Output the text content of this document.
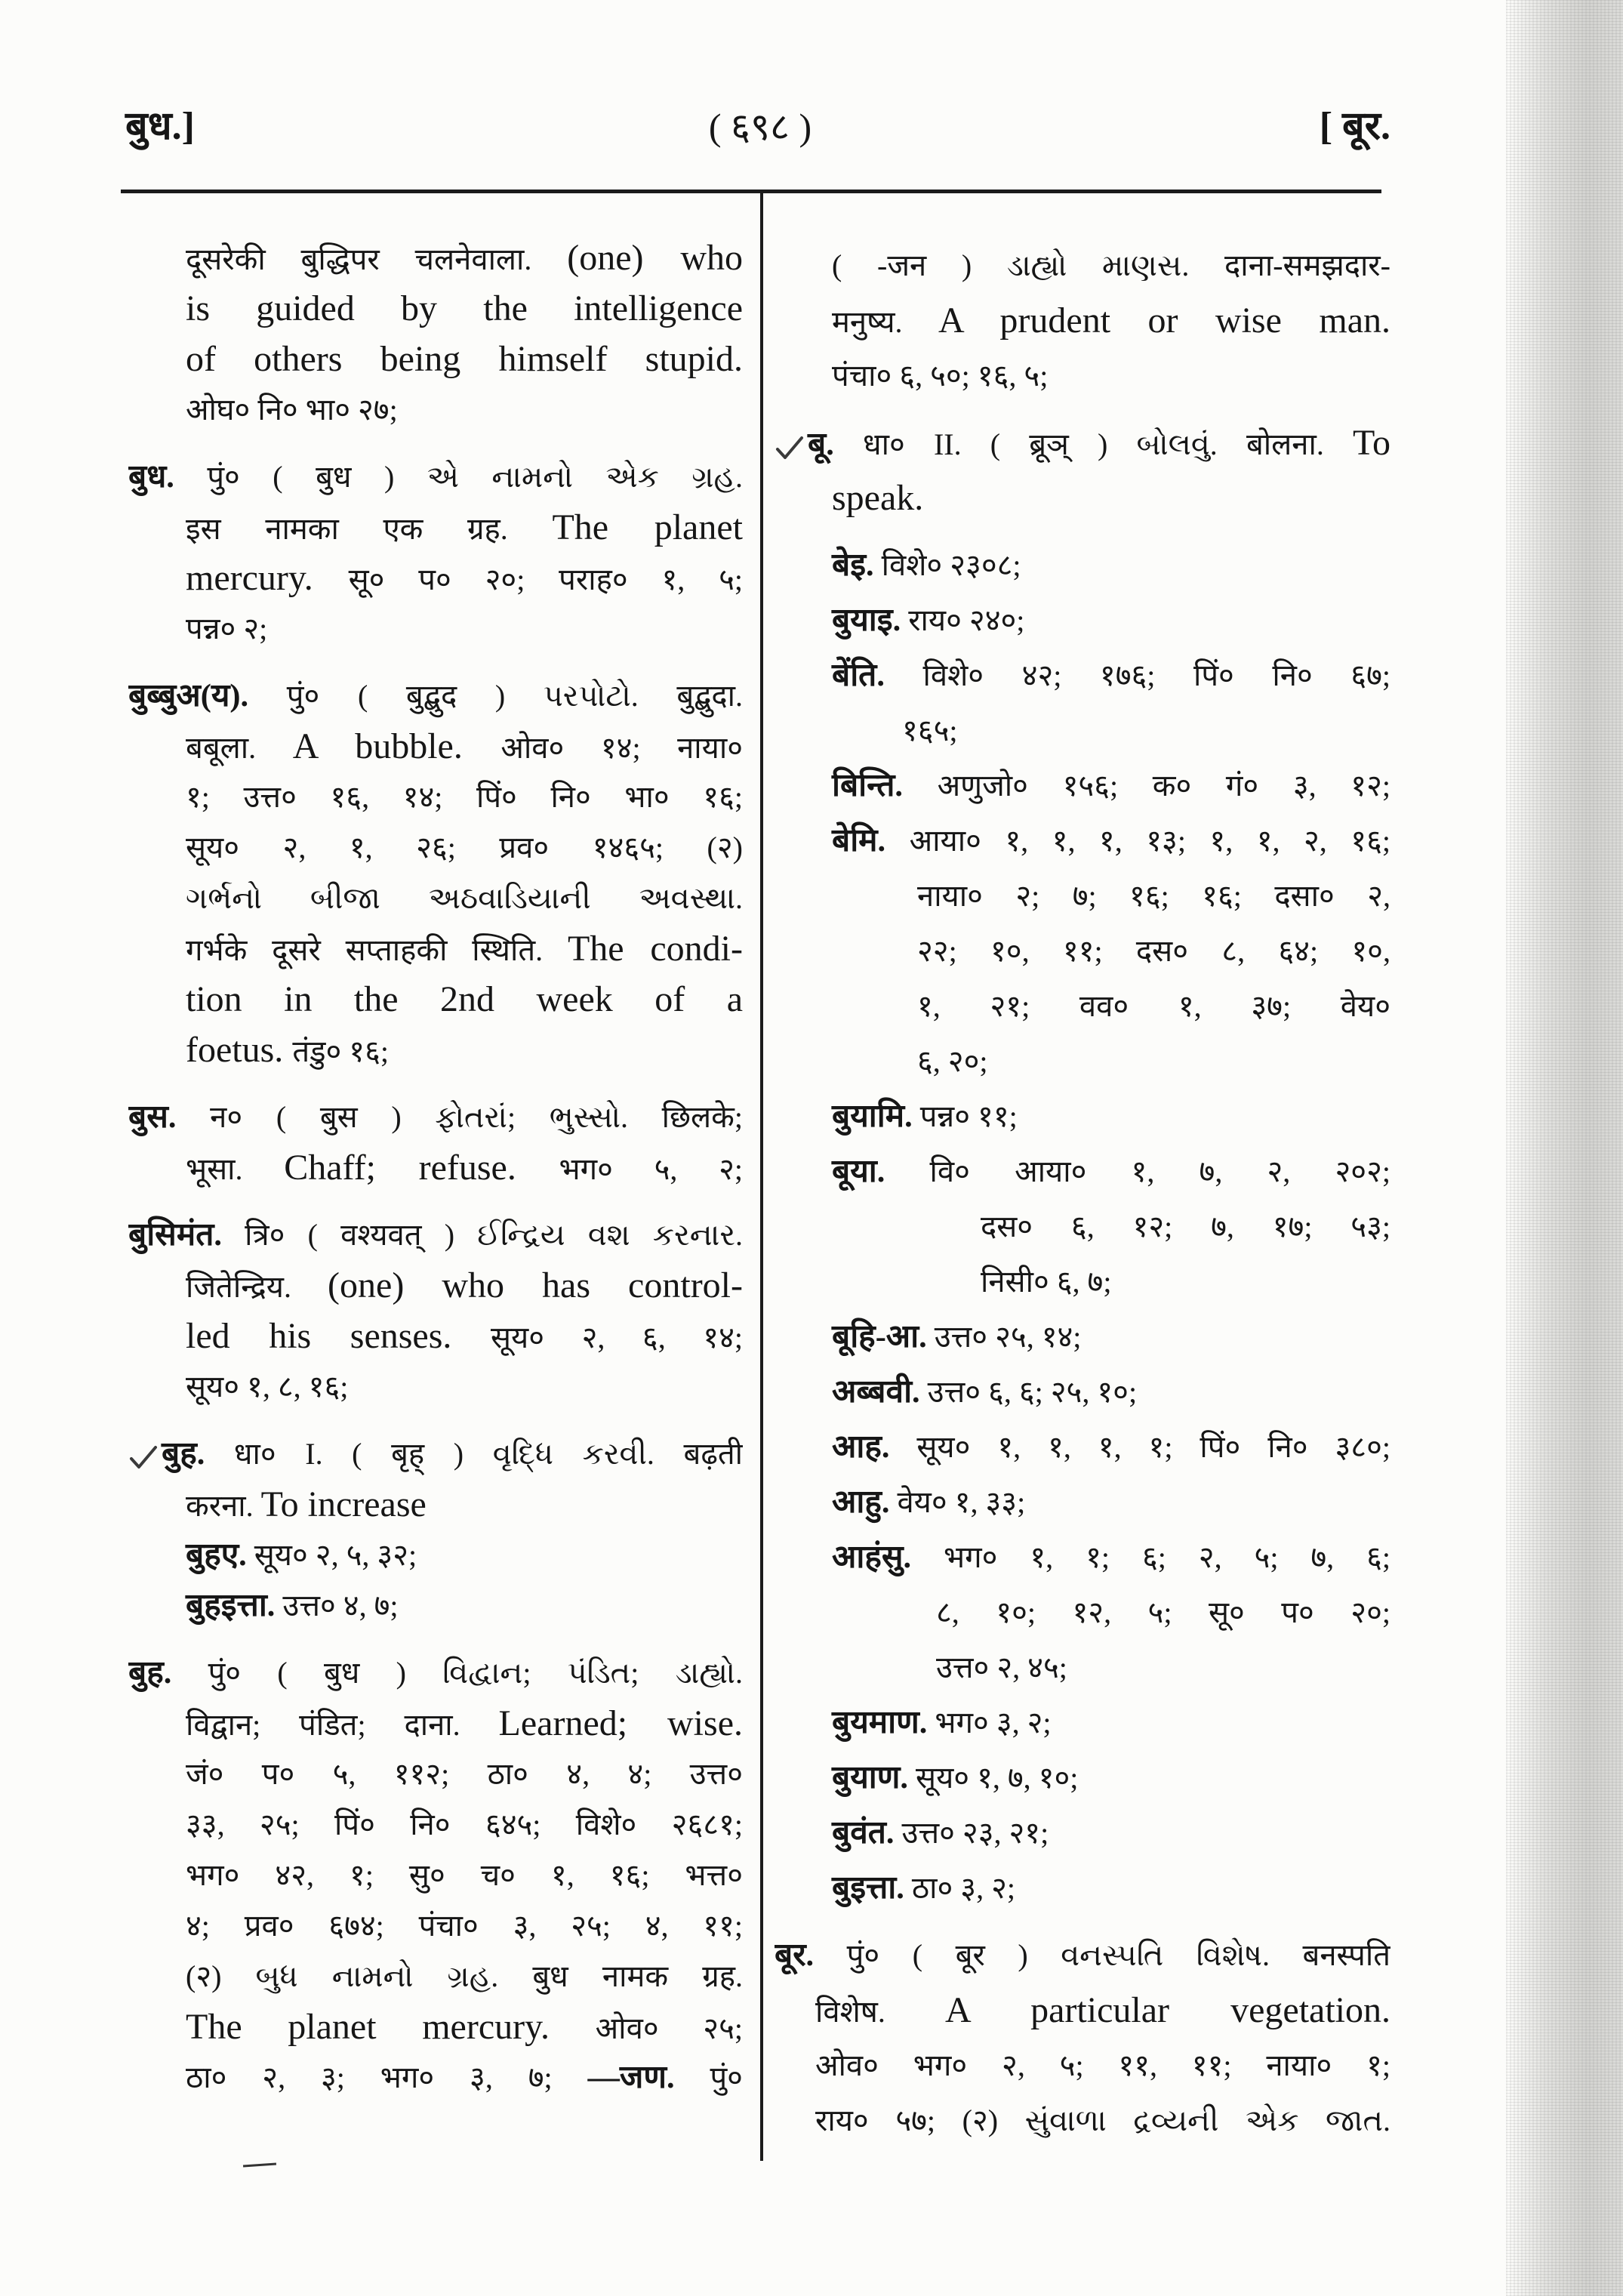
बुध.]	( ६९८ )	[ बूर.
दूसरेकी बुद्धिपर चलनेवाला. (one) who
is guided by the intelligence
of others being himself stupid.
ओघ० नि० भा० २७;
बुध. पुं० ( बुध ) એ નામનો એક ગ્રહ.
इस नामका एक ग्रह. The planet
mercury. सू० प० २०; पराह० १, ५;
पन्न० २;
बुब्बुअ(य). पुं० ( बुद्बुद ) પરપોટો. बुद्बुदा.
बबूला. A bubble. ओव० १४; नाया०
१; उत्त० १६, १४; पिं० नि० भा० १६;
सूय० २, १, २६; प्रव० १४६५; (२)
ગર્ભનો બીજા અઠવાડિયાની અવસ્થા.
गर्भके दूसरे सप्ताहकी स्थिति. The condi-
tion in the 2nd week of a
foetus. तंडु० १६;
बुस. न० ( बुस ) ફોતરાં; ભુસ્સો. छिलके;
भूसा. Chaff; refuse. भग० ५, २;
बुसिमंत. त्रि० ( वश्यवत् ) ઈન્દ્રિય વશ કરનાર.
जितेन्द्रिय. (one) who has control-
led his senses. सूय० २, ६, १४;
सूय० १, ८, १६;
बुह. धा० I. ( बृह् ) વૃદ્ધિ કરવી. बढ़ती
करना. To increase
बुहए. सूय० २, ५, ३२;
बुहइत्ता. उत्त० ४, ७;
बुह. पुं० ( बुध ) વિદ્વાન; પંડિત; ડાહ્યો.
विद्वान; पंडित; दाना. Learned; wise.
जं० प० ५, ११२; ठा० ४, ४; उत्त०
३३, २५; पिं० नि० ६४५; विशे० २६८१;
भग० ४२, १; सु० च० १, १६; भत्त०
४; प्रव० ६७४; पंचा० ३, २५; ४, ११;
(२) બુધ નામનો ગ્રહ. बुध नामक ग्रह.
The planet mercury. ओव० २५;
ठा० २, ३; भग० ३, ७; —जण. पुं०
( -जन ) ડાહ્યો માણસ. दाना-समझदार-
मनुष्य. A prudent or wise man.
पंचा० ६, ५०; १६, ५;
बू. धा० II. ( ब्रूञ् ) બોલવું. बोलना. To
speak.
बेइ. विशे० २३०८;
बुयाइ. राय० २४०;
बेंति. विशे० ४२; १७६; पिं० नि० ६७;
१६५;
बिन्ति. अणुजो० १५६; क० गं० ३, १२;
बेमि. आया० १, १, १, १३; १, १, २, १६;
नाया० २; ७; १६; १६; दसा० २,
२२; १०, ११; दस० ८, ६४; १०,
१, २१; वव० १, ३७; वेय०
६, २०;
बुयामि. पन्न० ११;
बूया. वि० आया० १, ७, २, २०२;
दस० ६, १२; ७, १७; ५३;
निसी० ६, ७;
बूहि-आ. उत्त० २५, १४;
अब्बवी. उत्त० ६, ६; २५, १०;
आह. सूय० १, १, १, १; पिं० नि० ३८०;
आहु. वेय० १, ३३;
आहंसु. भग० १, १; ६; २, ५; ७, ६;
८, १०; १२, ५; सू० प० २०;
उत्त० २, ४५;
बुयमाण. भग० ३, २;
बुयाण. सूय० १, ७, १०;
बुवंत. उत्त० २३, २१;
बुइत्ता. ठा० ३, २;
बूर. पुं० ( बूर ) વનસ્પતિ વિશેષ. बनस्पति
विशेष. A particular vegetation.
ओव० भग० २, ५; ११, ११; नाया० १;
राय० ५७; (२) સુંવાળા દ્રવ્યની એક જાત.
